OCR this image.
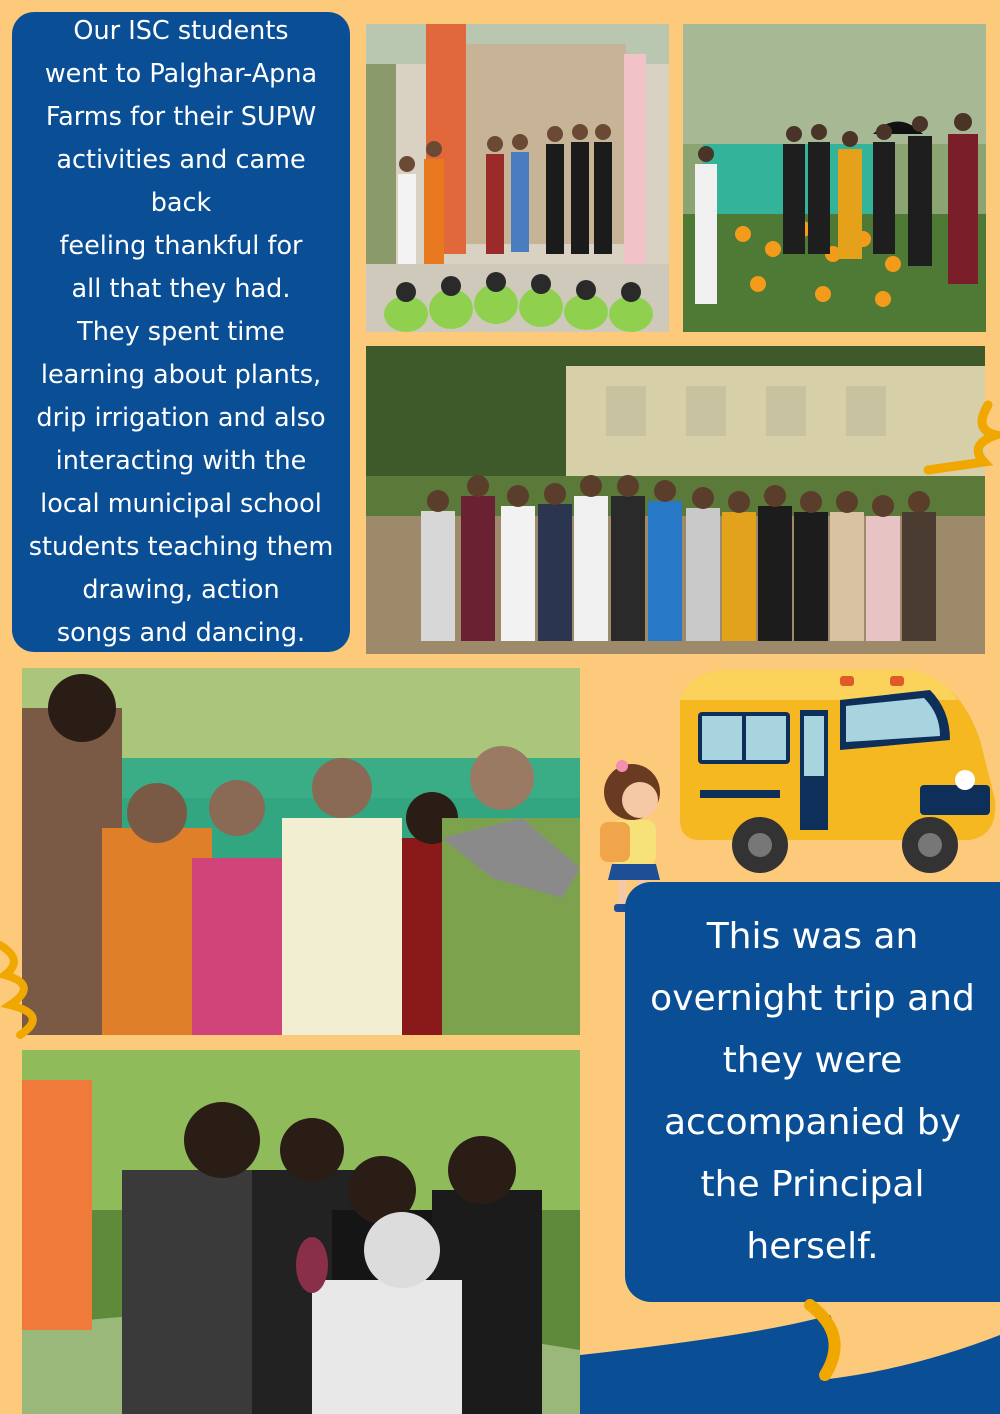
Our ISC students
went to Palghar-Apna
Farms for their SUPW
activities and came back
feeling thankful for
all that they had.
They spent time
learning about plants,
drip irrigation and also
interacting with the
local municipal school
students teaching them
drawing, action
songs and dancing.

This was an
overnight trip and
they were
accompanied by
the Principal
herself.
